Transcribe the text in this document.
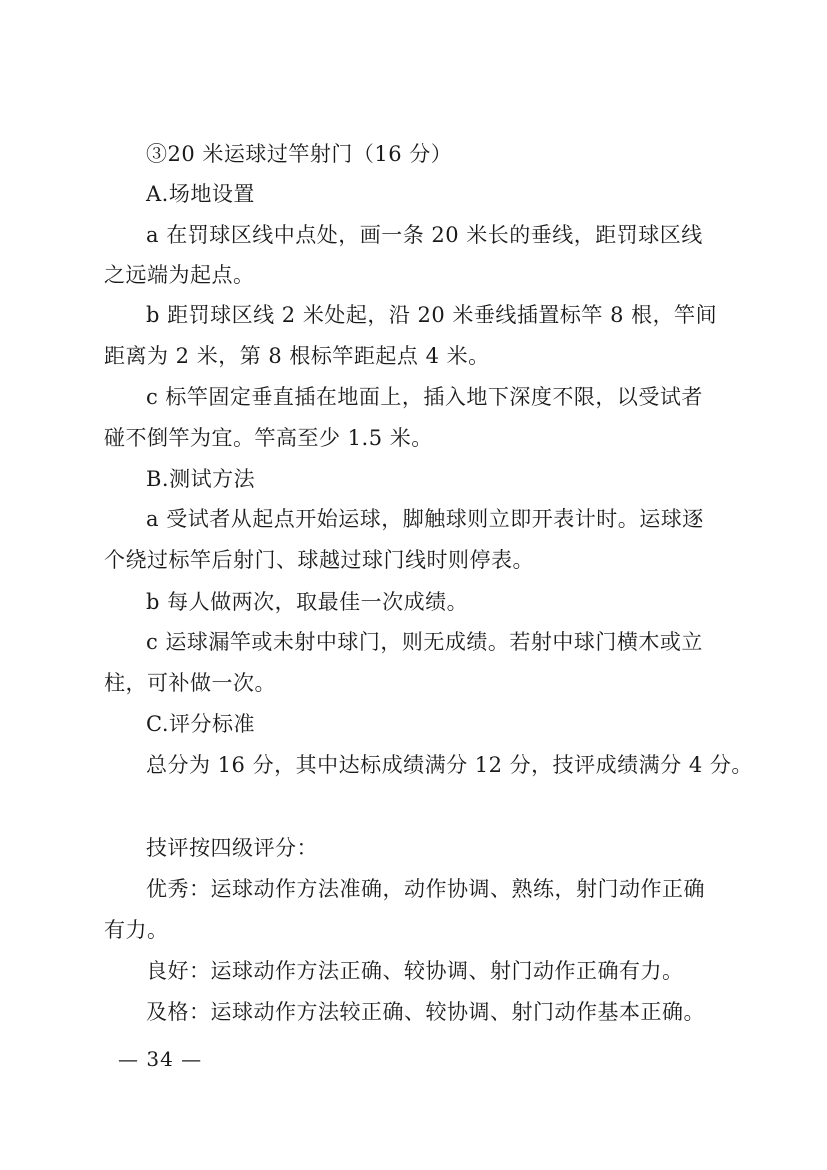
③20 米运球过竿射门（16 分）
A.场地设置
a 在罚球区线中点处，画一条 20 米长的垂线，距罚球区线
之远端为起点。
b 距罚球区线 2 米处起，沿 20 米垂线插置标竿 8 根，竿间
距离为 2 米，第 8 根标竿距起点 4 米。
c 标竿固定垂直插在地面上，插入地下深度不限，以受试者
碰不倒竿为宜。竿高至少 1.5 米。
B.测试方法
a 受试者从起点开始运球，脚触球则立即开表计时。运球逐
个绕过标竿后射门、球越过球门线时则停表。
b 每人做两次，取最佳一次成绩。
c 运球漏竿或未射中球门，则无成绩。若射中球门横木或立
柱，可补做一次。
C.评分标准
总分为 16 分，其中达标成绩满分 12 分，技评成绩满分 4 分。
技评按四级评分：
优秀：运球动作方法准确，动作协调、熟练，射门动作正确
有力。
良好：运球动作方法正确、较协调、射门动作正确有力。
及格：运球动作方法较正确、较协调、射门动作基本正确。
— 34 —
